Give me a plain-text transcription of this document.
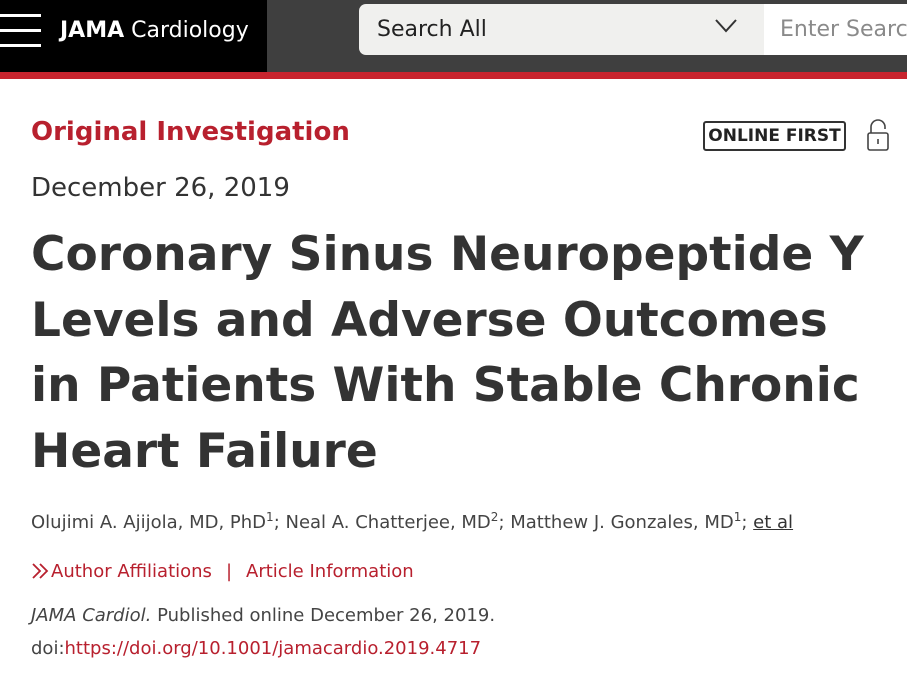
JAMA Cardiology	Search All
Enter Search Term
Original Investigation	ONLINE FIRST
December 26, 2019
Coronary Sinus Neuropeptide Y Levels and Adverse Outcomes in Patients With Stable Chronic Heart Failure
Olujimi A. Ajijola, MD, PhD$^1$; Neal A. Chatterjee, $MD^2$; Matthew J. Gonzales, $MD^1$; et al
Author Affiliations | Article Information
JAMA Cardiol. Published online December 26, 2019.
doi:https://doi.org/10.1001/jamacardio.2019.4717
